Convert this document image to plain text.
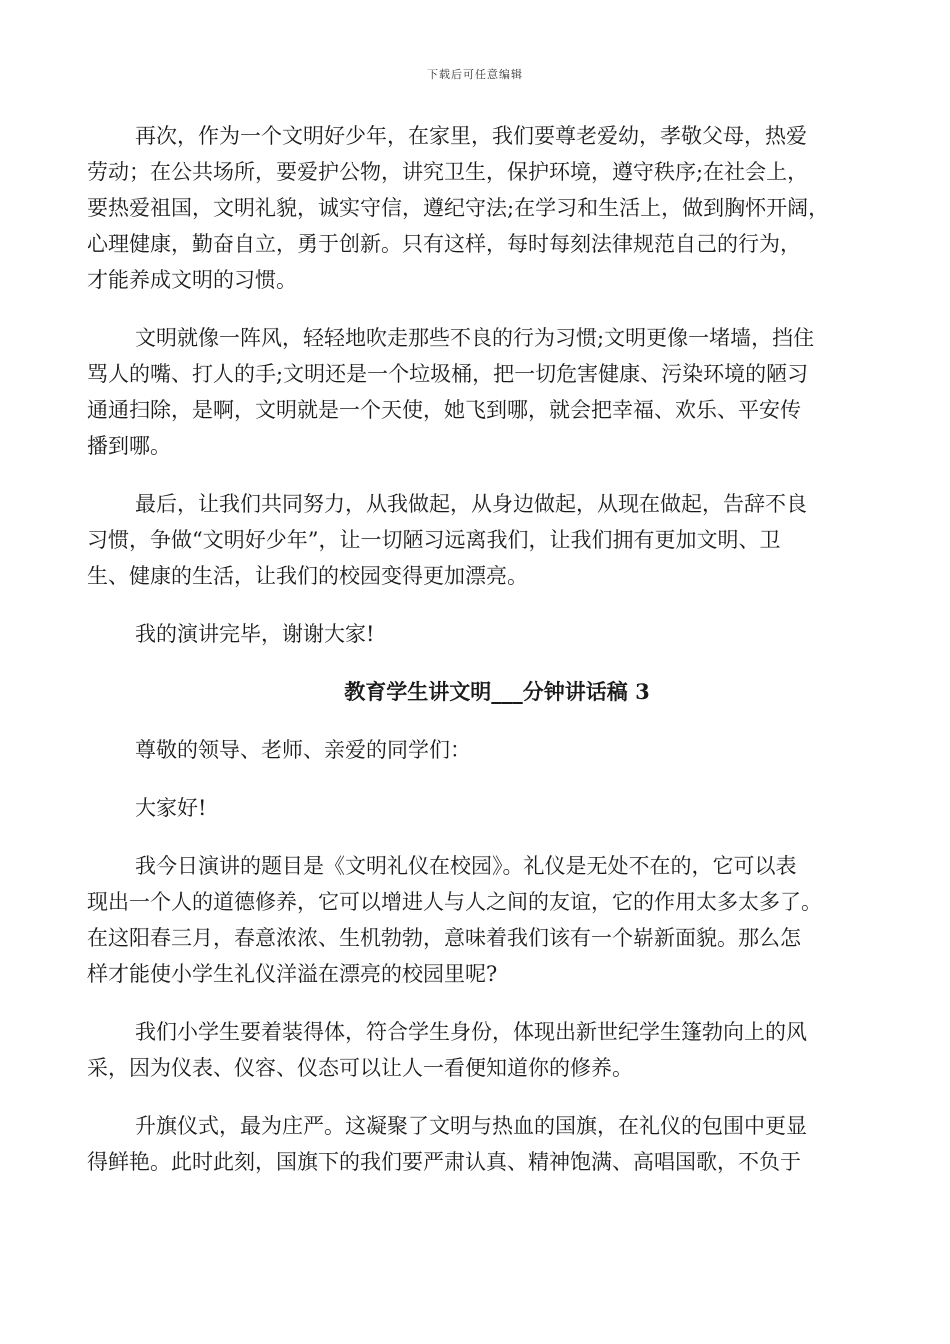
下载后可任意编辑
再次，作为一个文明好少年，在家里，我们要尊老爱幼，孝敬父母，热爱
劳动；在公共场所，要爱护公物，讲究卫生，保护环境，遵守秩序;在社会上，
要热爱祖国，文明礼貌，诚实守信，遵纪守法;在学习和生活上，做到胸怀开阔，
心理健康，勤奋自立，勇于创新。只有这样，每时每刻法律规范自己的行为，
才能养成文明的习惯。
文明就像一阵风，轻轻地吹走那些不良的行为习惯;文明更像一堵墙，挡住
骂人的嘴、打人的手;文明还是一个垃圾桶，把一切危害健康、污染环境的陋习
通通扫除，是啊，文明就是一个天使，她飞到哪，就会把幸福、欢乐、平安传
播到哪。
最后，让我们共同努力，从我做起，从身边做起，从现在做起，告辞不良
习惯，争做“文明好少年”，让一切陋习远离我们，让我们拥有更加文明、卫
生、健康的生活，让我们的校园变得更加漂亮。
我的演讲完毕，谢谢大家!
教育学生讲文明___分钟讲话稿 3
尊敬的领导、老师、亲爱的同学们：
大家好!
我今日演讲的题目是《文明礼仪在校园》。礼仪是无处不在的，它可以表
现出一个人的道德修养，它可以增进人与人之间的友谊，它的作用太多太多了。
在这阳春三月，春意浓浓、生机勃勃，意味着我们该有一个崭新面貌。那么怎
样才能使小学生礼仪洋溢在漂亮的校园里呢?
我们小学生要着装得体，符合学生身份，体现出新世纪学生篷勃向上的风
采，因为仪表、仪容、仪态可以让人一看便知道你的修养。
升旗仪式，最为庄严。这凝聚了文明与热血的国旗，在礼仪的包围中更显
得鲜艳。此时此刻，国旗下的我们要严肃认真、精神饱满、高唱国歌，不负于
